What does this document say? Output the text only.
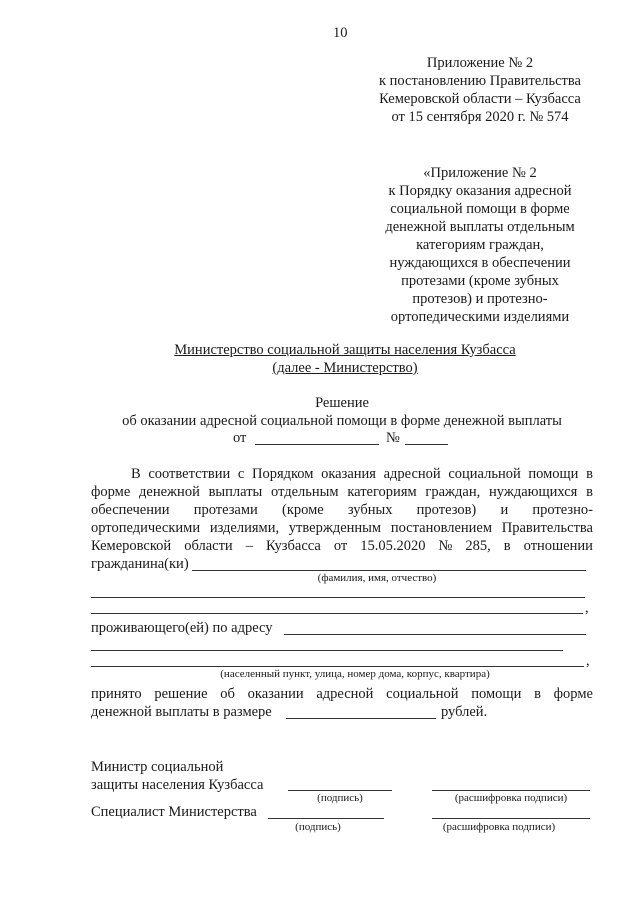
10
Приложение № 2
к постановлению Правительства
Кемеровской области – Кузбасса
от 15 сентября 2020 г. № 574
«Приложение № 2
к Порядку оказания адресной
социальной помощи в форме
денежной выплаты отдельным
категориям граждан,
нуждающихся в обеспечении
протезами (кроме зубных
протезов) и протезно-
ортопедическими изделиями
Министерство социальной защиты населения Кузбасса
(далее - Министерство)
Решение
об оказании адресной социальной помощи в форме денежной выплаты
от	№
В соответствии с Порядком оказания адресной социальной помощи в
форме денежной выплаты отдельным категориям граждан, нуждающихся в
обеспечении протезами (кроме зубных протезов) и протезно-
ортопедическими изделиями, утвержденным постановлением Правительства
Кемеровской области – Кузбасса от 15.05.2020 № 285, в отношении
гражданина(ки)
(фамилия, имя, отчество)
,
проживающего(ей) по адресу
,
(населенный пункт, улица, номер дома, корпус, квартира)
принято решение об оказании адресной социальной помощи в форме
денежной выплаты в размере	рублей.
Министр социальной
защиты населения Кузбасса
(подпись)	(расшифровка подписи)
Специалист Министерства
(подпись)	(расшифровка подписи)
